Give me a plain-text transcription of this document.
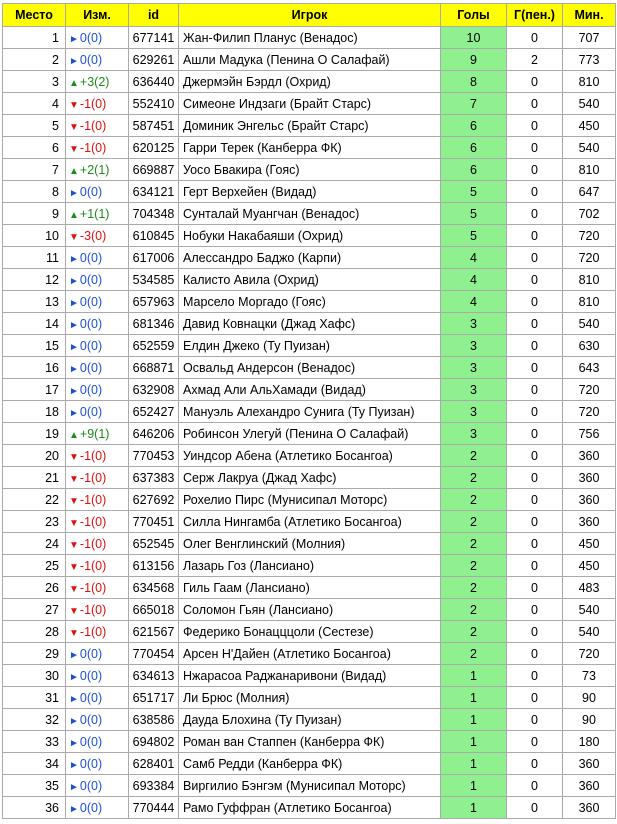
Место	Изм.	id	Игрок	Голы	Г(пен.)	Мин.
1	►0(0)	677141	Жан-Филип Планус (Венадос)	10	0	707
2	►0(0)	629261	Ашли Мадука (Пенина О Салафай)	9	2	773
3	▲+3(2)	636440	Джермэйн Бэрдл (Охрид)	8	0	810
4	▼-1(0)	552410	Симеоне Индзаги (Брайт Старс)	7	0	540
5	▼-1(0)	587451	Доминик Энгельс (Брайт Старс)	6	0	450
6	▼-1(0)	620125	Гарри Терек (Канберра ФК)	6	0	540
7	▲+2(1)	669887	Уосо Бвакира (Гояс)	6	0	810
8	►0(0)	634121	Герт Верхейен (Видад)	5	0	647
9	▲+1(1)	704348	Сунталай Муангчан (Венадос)	5	0	702
10	▼-3(0)	610845	Нобуки Накабаяши (Охрид)	5	0	720
11	►0(0)	617006	Алессандро Баджо (Карпи)	4	0	720
12	►0(0)	534585	Калисто Авила (Охрид)	4	0	810
13	►0(0)	657963	Марсело Моргадо (Гояс)	4	0	810
14	►0(0)	681346	Давид Ковнацки (Джад Хафс)	3	0	540
15	►0(0)	652559	Елдин Джеко (Ту Пуизан)	3	0	630
16	►0(0)	668871	Освальд Андерсон (Венадос)	3	0	643
17	►0(0)	632908	Ахмад Али АльХамади (Видад)	3	0	720
18	►0(0)	652427	Мануэль Алехандро Сунига (Ту Пуизан)	3	0	720
19	▲+9(1)	646206	Робинсон Улегуй (Пенина О Салафай)	3	0	756
20	▼-1(0)	770453	Уиндсор Абена (Атлетико Босангоа)	2	0	360
21	▼-1(0)	637383	Серж Лакруа (Джад Хафс)	2	0	360
22	▼-1(0)	627692	Рохелио Пирс (Мунисипал Моторс)	2	0	360
23	▼-1(0)	770451	Силла Нингамба (Атлетико Босангоа)	2	0	360
24	▼-1(0)	652545	Олег Венглинский (Молния)	2	0	450
25	▼-1(0)	613156	Лазарь Гоз (Лансиано)	2	0	450
26	▼-1(0)	634568	Гиль Гаам (Лансиано)	2	0	483
27	▼-1(0)	665018	Соломон Гьян (Лансиано)	2	0	540
28	▼-1(0)	621567	Федерико Бонацццоли (Сестезе)	2	0	540
29	►0(0)	770454	Арсен Н'Дайен (Атлетико Босангоа)	2	0	720
30	►0(0)	634613	Нжарасоа Раджанаривони (Видад)	1	0	73
31	►0(0)	651717	Ли Брюс (Молния)	1	0	90
32	►0(0)	638586	Дауда Блохина (Ту Пуизан)	1	0	90
33	►0(0)	694802	Роман ван Стаппен (Канберра ФК)	1	0	180
34	►0(0)	628401	Самб Редди (Канберра ФК)	1	0	360
35	►0(0)	693384	Виргилио Бэнгэм (Мунисипал Моторс)	1	0	360
36	►0(0)	770444	Рамо Гуффран (Атлетико Босангоа)	1	0	360
